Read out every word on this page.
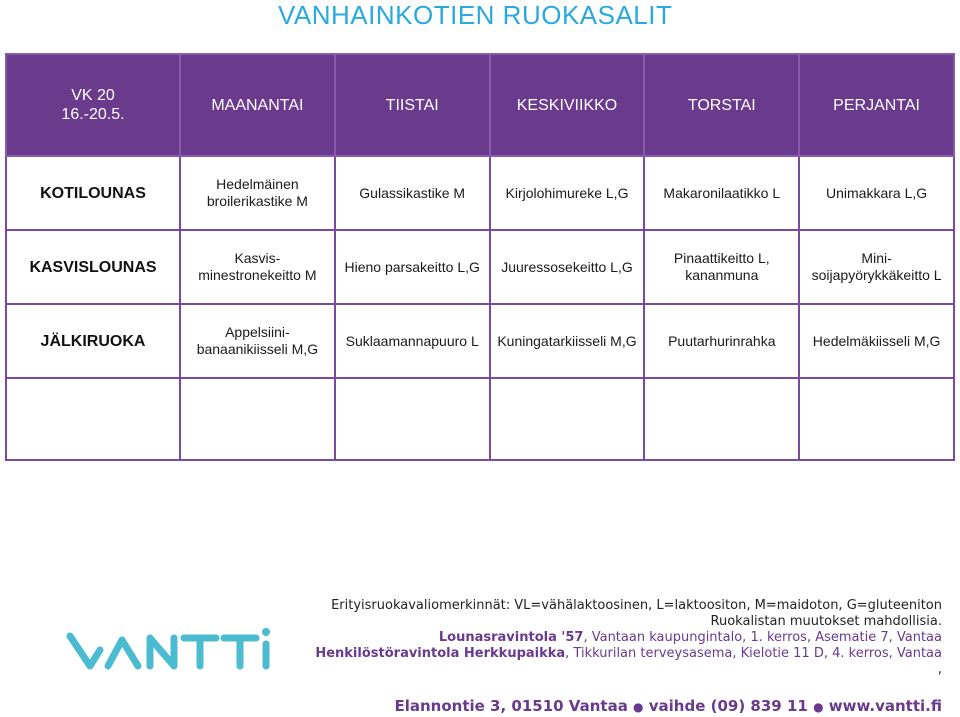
VANHAINKOTIEN RUOKASALIT
VK 20
16.-20.5.	MAANANTAI	TIISTAI	KESKIVIIKKO	TORSTAI	PERJANTAI
KOTILOUNAS	Hedelmäinen
broilerikastike M	Gulassikastike M	Kirjolohimureke L,G	Makaronilaatikko L	Unimakkara L,G
KASVISLOUNAS	Kasvis-
minestronekeitto M	Hieno parsakeitto L,G	Juuressosekeitto L,G	Pinaattikeitto L,
kananmuna	Mini-
soijapyörykkäkeitto L
JÄLKIRUOKA	Appelsiini-
banaanikiisseli M,G	Suklaamannapuuro L	Kuningatarkiisseli M,G	Puutarhurinrahka	Hedelmäkiisseli M,G

Erityisruokavaliomerkinnät: VL=vähälaktoosinen, L=laktoositon, M=maidoton, G=gluteeniton
Ruokalistan muutokset mahdollisia.
Lounasravintola '57, Vantaan kaupungintalo, 1. kerros, Asematie 7, Vantaa
Henkilöstöravintola Herkkupaikka, Tikkurilan terveysasema, Kielotie 11 D, 4. kerros, Vantaa
,
Elannontie 3, 01510 Vantaa ● vaihde (09) 839 11 ● www.vantti.fi
